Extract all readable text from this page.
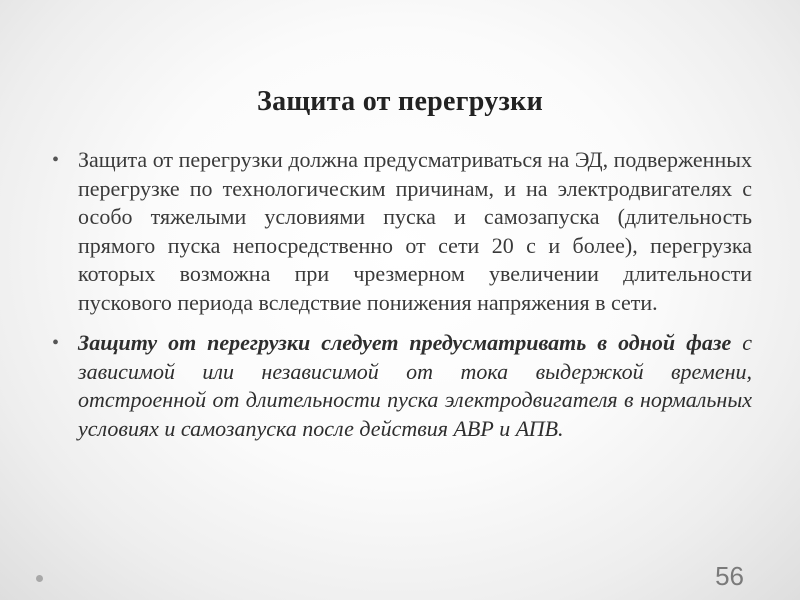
Защита от перегрузки
• Защита от перегрузки должна предусматриваться на ЭД, подверженных перегрузке по технологическим причинам, и на электродвигателях с особо тяжелыми условиями пуска и самозапуска (длительность прямого пуска непосредственно от сети 20 с и более), перегрузка которых возможна при чрезмерном увеличении длительности пускового периода вследствие понижения напряжения в сети.
• Защиту от перегрузки следует предусматривать в одной фазе с зависимой или независимой от тока выдержкой времени, отстроенной от длительности пуска электродвигателя в нормальных условиях и самозапуска после действия АВР и АПВ.
56
